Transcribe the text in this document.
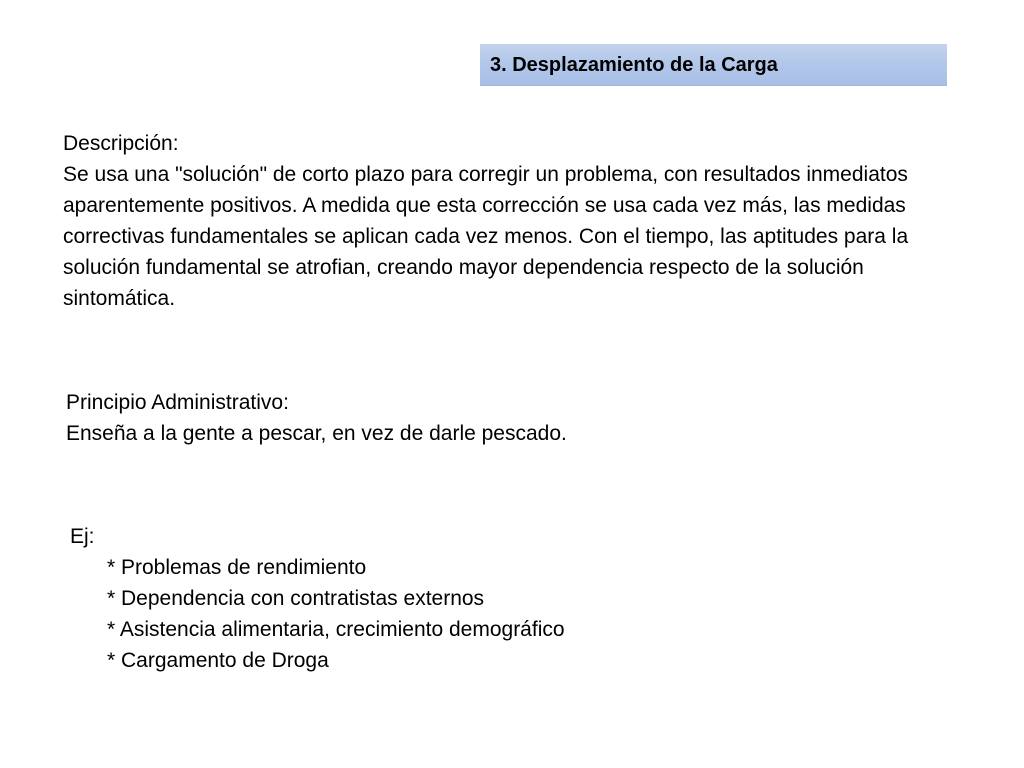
3. Desplazamiento de la Carga
Descripción:
Se usa una "solución" de corto plazo para corregir un problema, con resultados inmediatos aparentemente positivos. A medida que esta corrección se usa cada vez más, las medidas correctivas fundamentales se aplican cada vez menos. Con el tiempo, las aptitudes para la solución fundamental se atrofian, creando mayor dependencia respecto de la solución sintomática.
Principio Administrativo:
Enseña a la gente a pescar, en vez de darle pescado.
Ej:
* Problemas de rendimiento
* Dependencia con contratistas externos
* Asistencia alimentaria, crecimiento demográfico
* Cargamento de Droga
